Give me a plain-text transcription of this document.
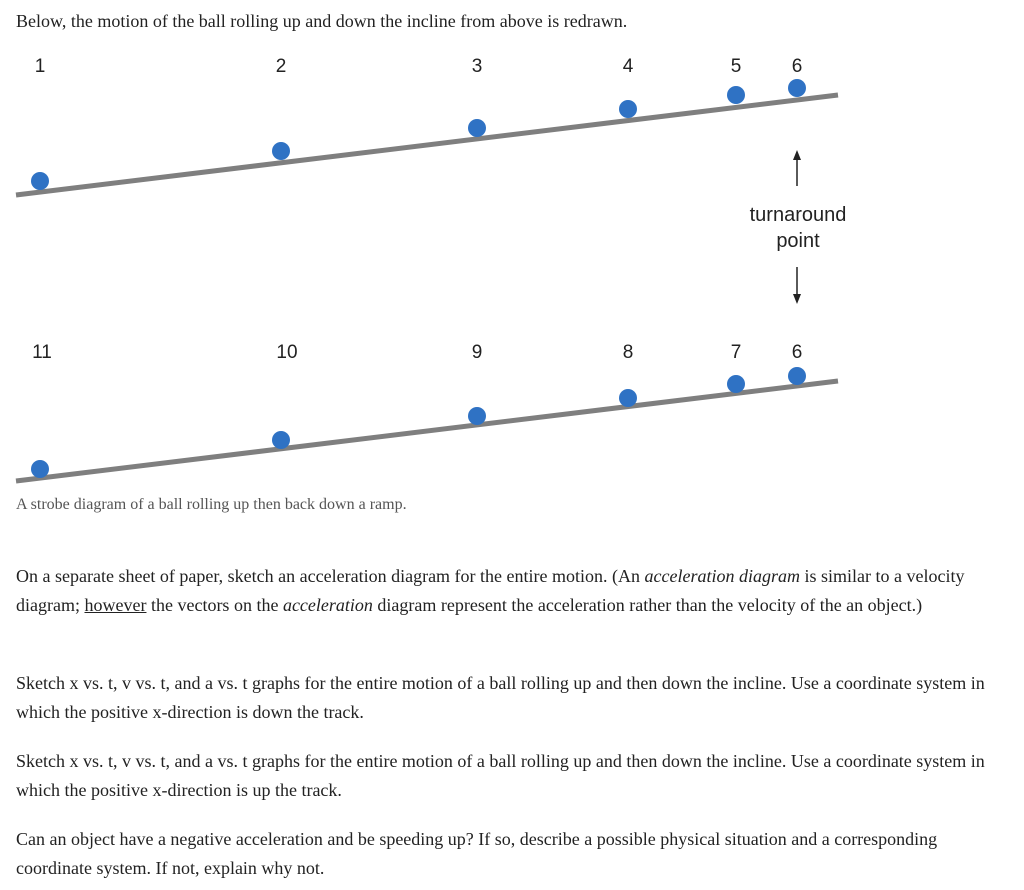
Below, the motion of the ball rolling up and down the incline from above is redrawn.

1	2	3	4	5	6
turnaround
point
11	10	9	8	7	6

A strobe diagram of a ball rolling up then back down a ramp.

On a separate sheet of paper, sketch an acceleration diagram for the entire motion. (An acceleration diagram is similar to a velocity diagram; however the vectors on the acceleration diagram represent the acceleration rather than the velocity of the an object.)

Sketch x vs. t, v vs. t, and a vs. t graphs for the entire motion of a ball rolling up and then down the incline. Use a coordinate system in which the positive x-direction is down the track.

Sketch x vs. t, v vs. t, and a vs. t graphs for the entire motion of a ball rolling up and then down the incline. Use a coordinate system in which the positive x-direction is up the track.

Can an object have a negative acceleration and be speeding up? If so, describe a possible physical situation and a corresponding coordinate system. If not, explain why not.
